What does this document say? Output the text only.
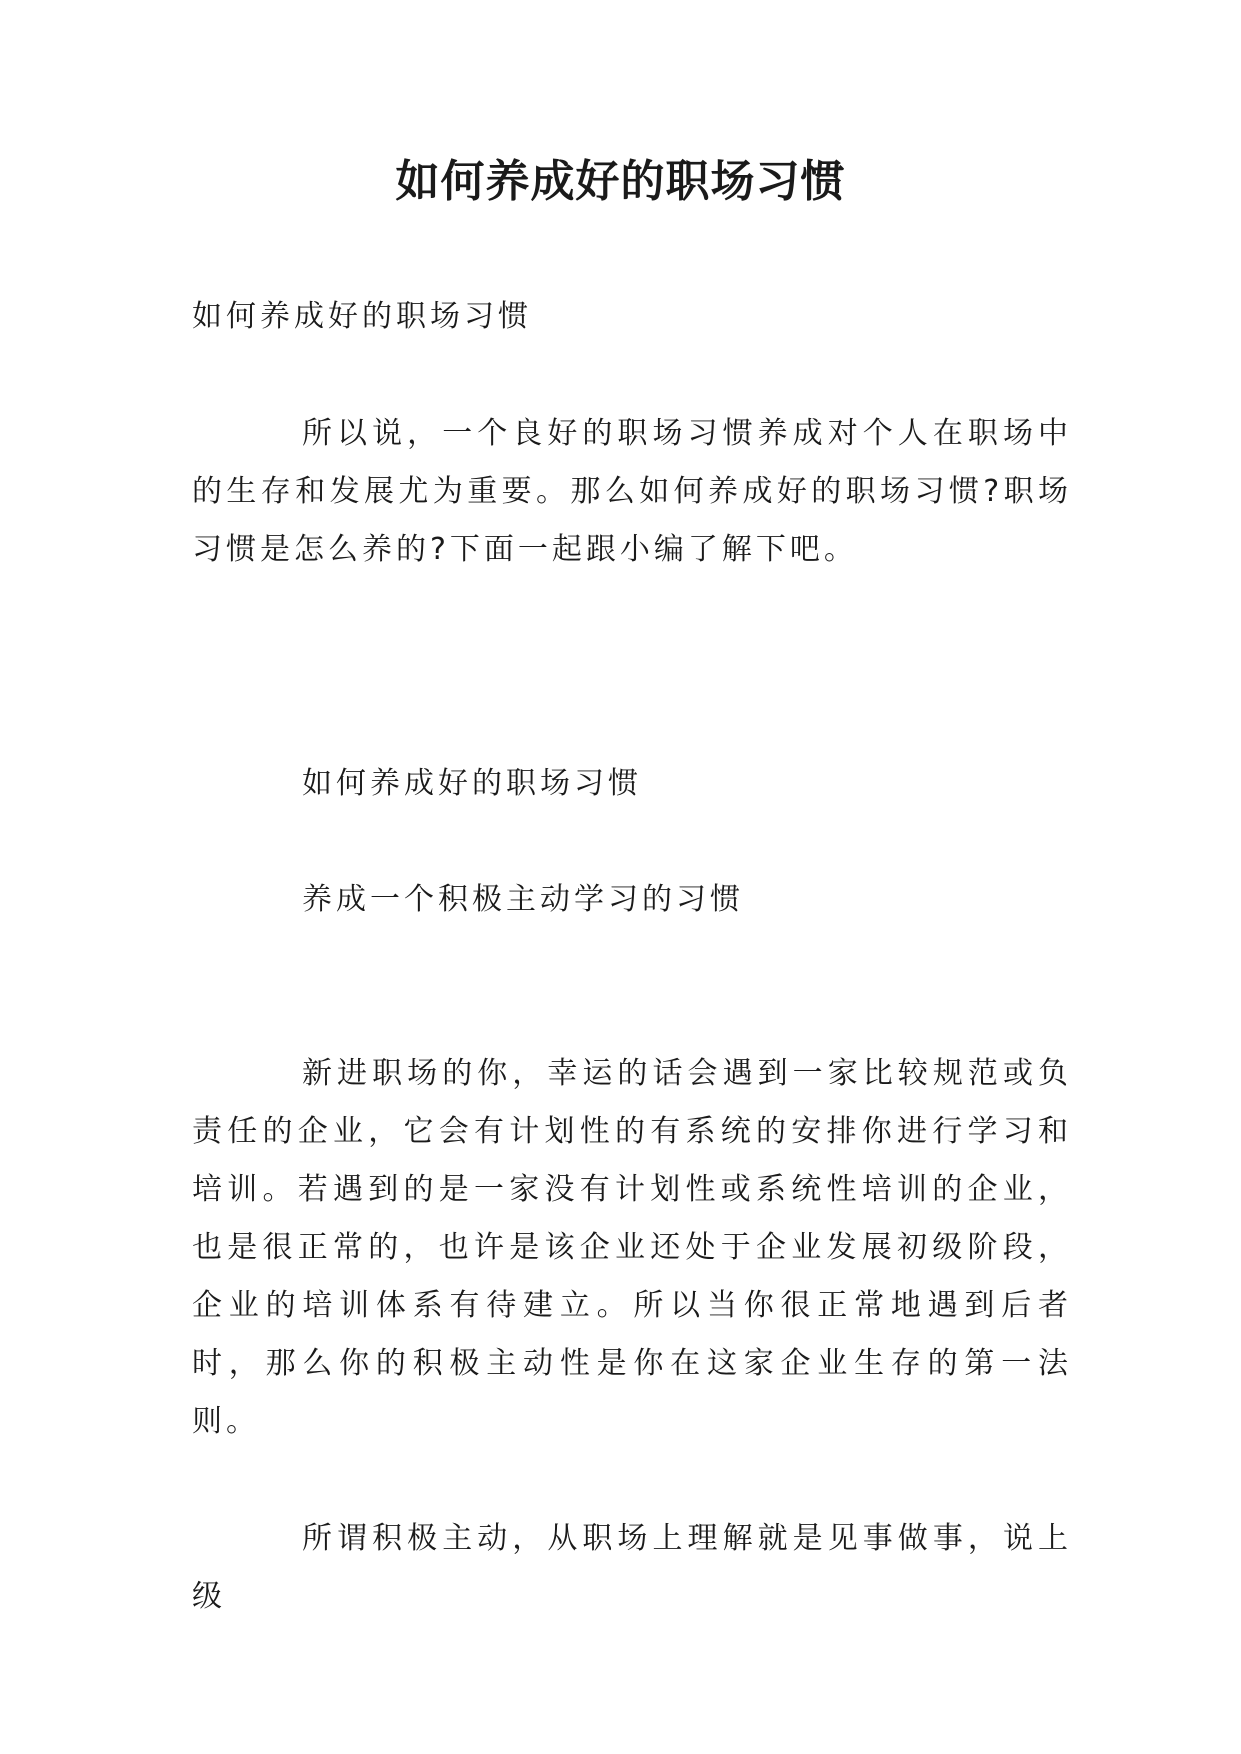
如何养成好的职场习惯

如何养成好的职场习惯

所以说，一个良好的职场习惯养成对个人在职场中的生存和发展尤为重要。那么如何养成好的职场习惯?职场习惯是怎么养的?下面一起跟小编了解下吧。

如何养成好的职场习惯

养成一个积极主动学习的习惯

新进职场的你，幸运的话会遇到一家比较规范或负责任的企业，它会有计划性的有系统的安排你进行学习和培训。若遇到的是一家没有计划性或系统性培训的企业，也是很正常的，也许是该企业还处于企业发展初级阶段，企业的培训体系有待建立。所以当你很正常地遇到后者时，那么你的积极主动性是你在这家企业生存的第一法则。

所谓积极主动，从职场上理解就是见事做事，说上级
